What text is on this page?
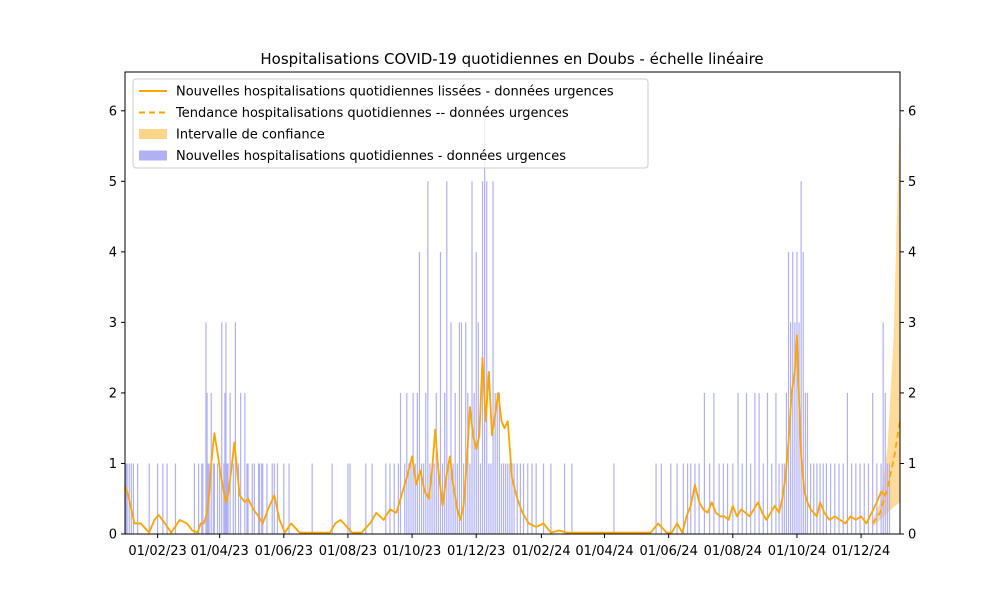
Hospitalisations COVID-19 quotidiennes en Doubs - échelle linéaire
0	0
1	1
2	2
3	3
4	4
5	5
6	6
01/02/23 01/04/23 01/06/23 01/08/23 01/10/23 01/12/23 01/02/24 01/04/24 01/06/24 01/08/24 01/10/24 01/12/24
Nouvelles hospitalisations quotidiennes lissées - données urgences
Tendance hospitalisations quotidiennes -- données urgences
Intervalle de confiance
Nouvelles hospitalisations quotidiennes - données urgences
